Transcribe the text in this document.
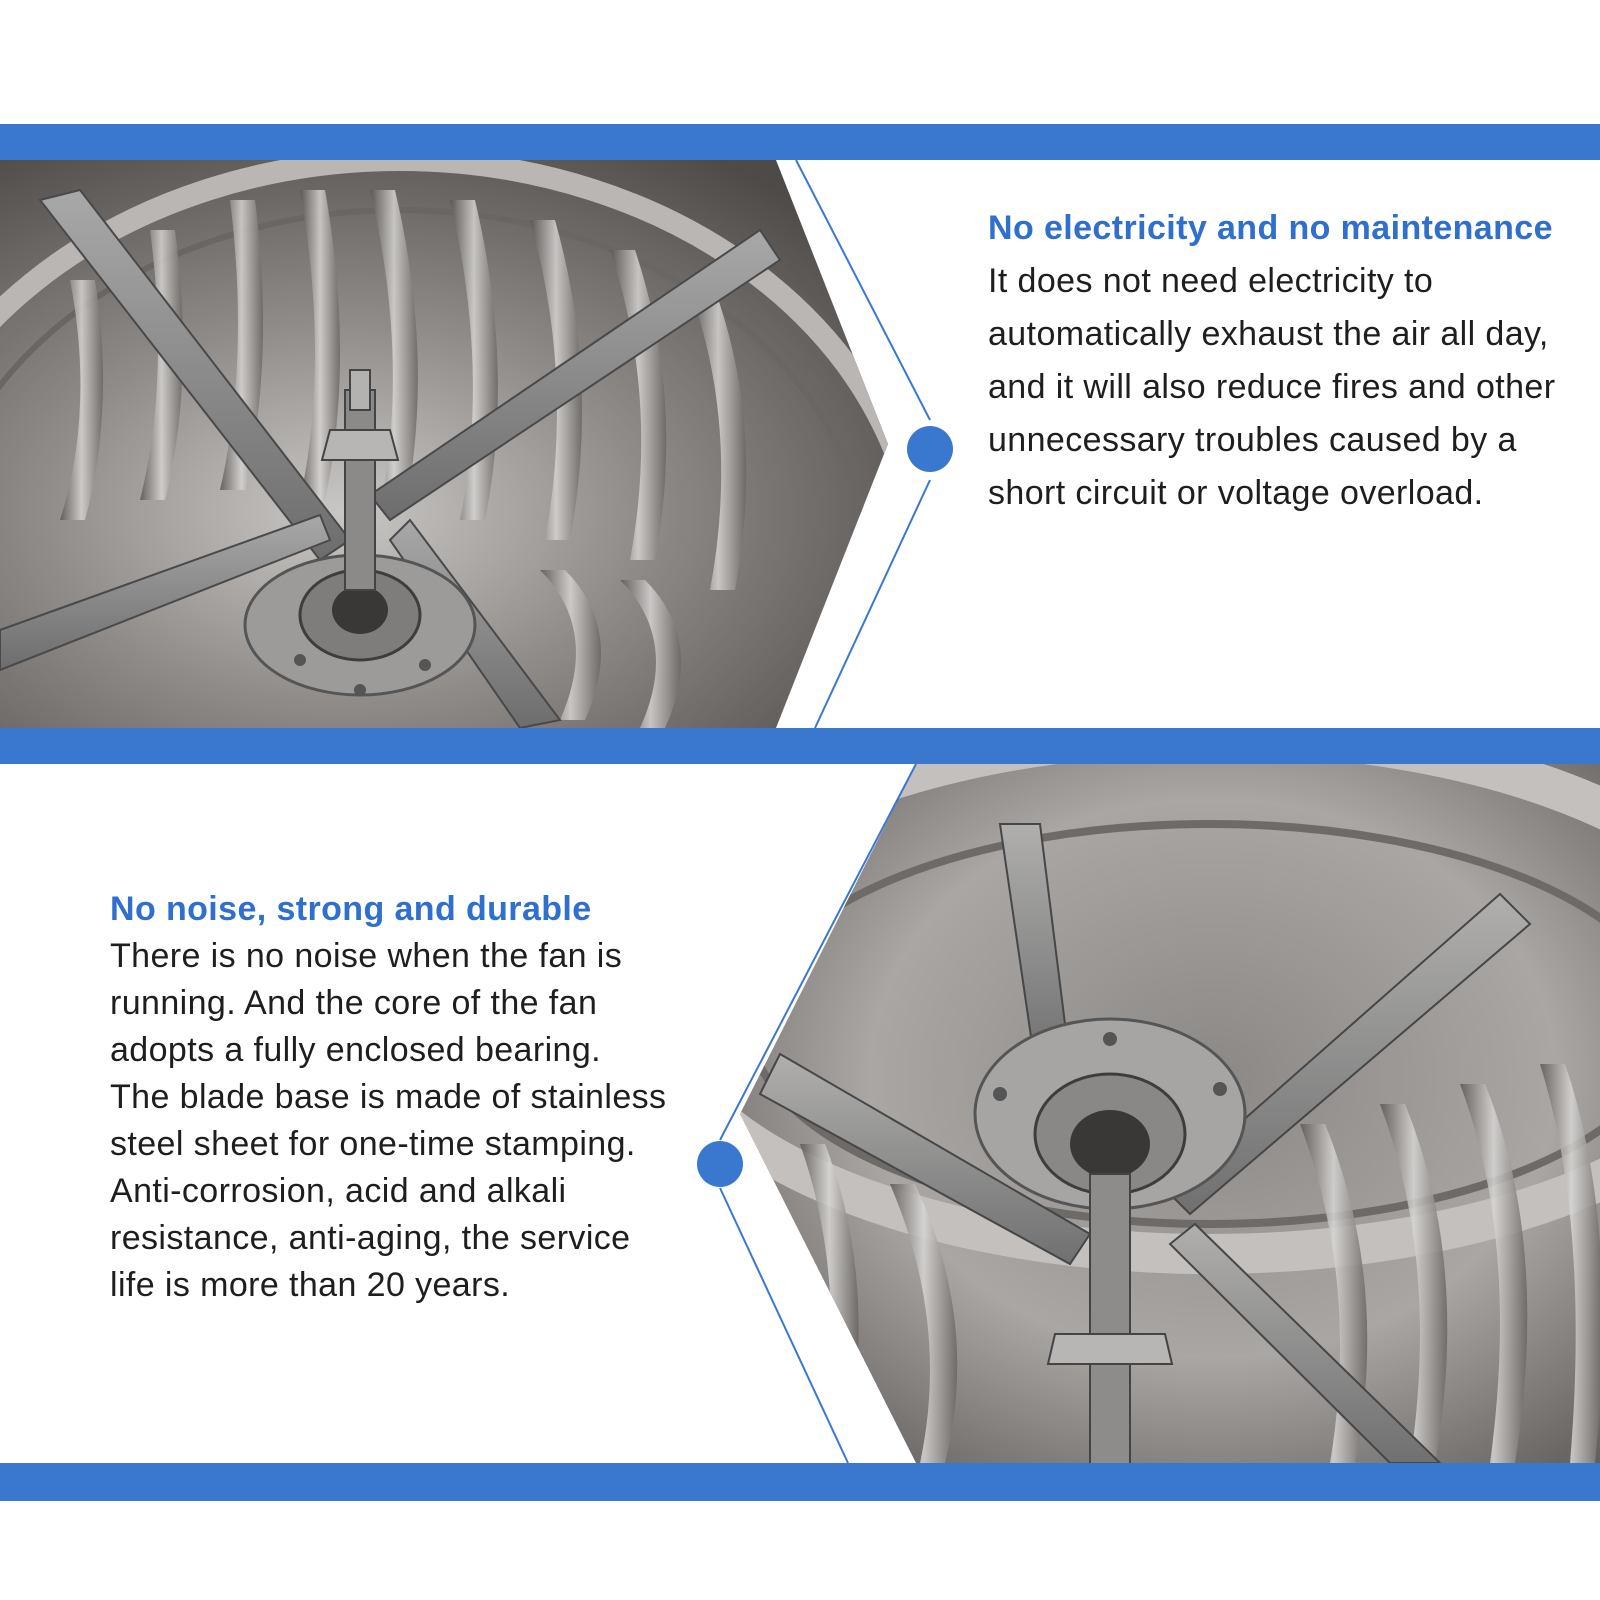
No electricity and no maintenance
It does not need electricity to automatically exhaust the air all day, and it will also reduce fires and other unnecessary troubles caused by a short circuit or voltage overload.
No noise, strong and durable
There is no noise when the fan is running. And the core of the fan adopts a fully enclosed bearing. The blade base is made of stainless steel sheet for one-time stamping. Anti-corrosion, acid and alkali resistance, anti-aging, the service life is more than 20 years.
